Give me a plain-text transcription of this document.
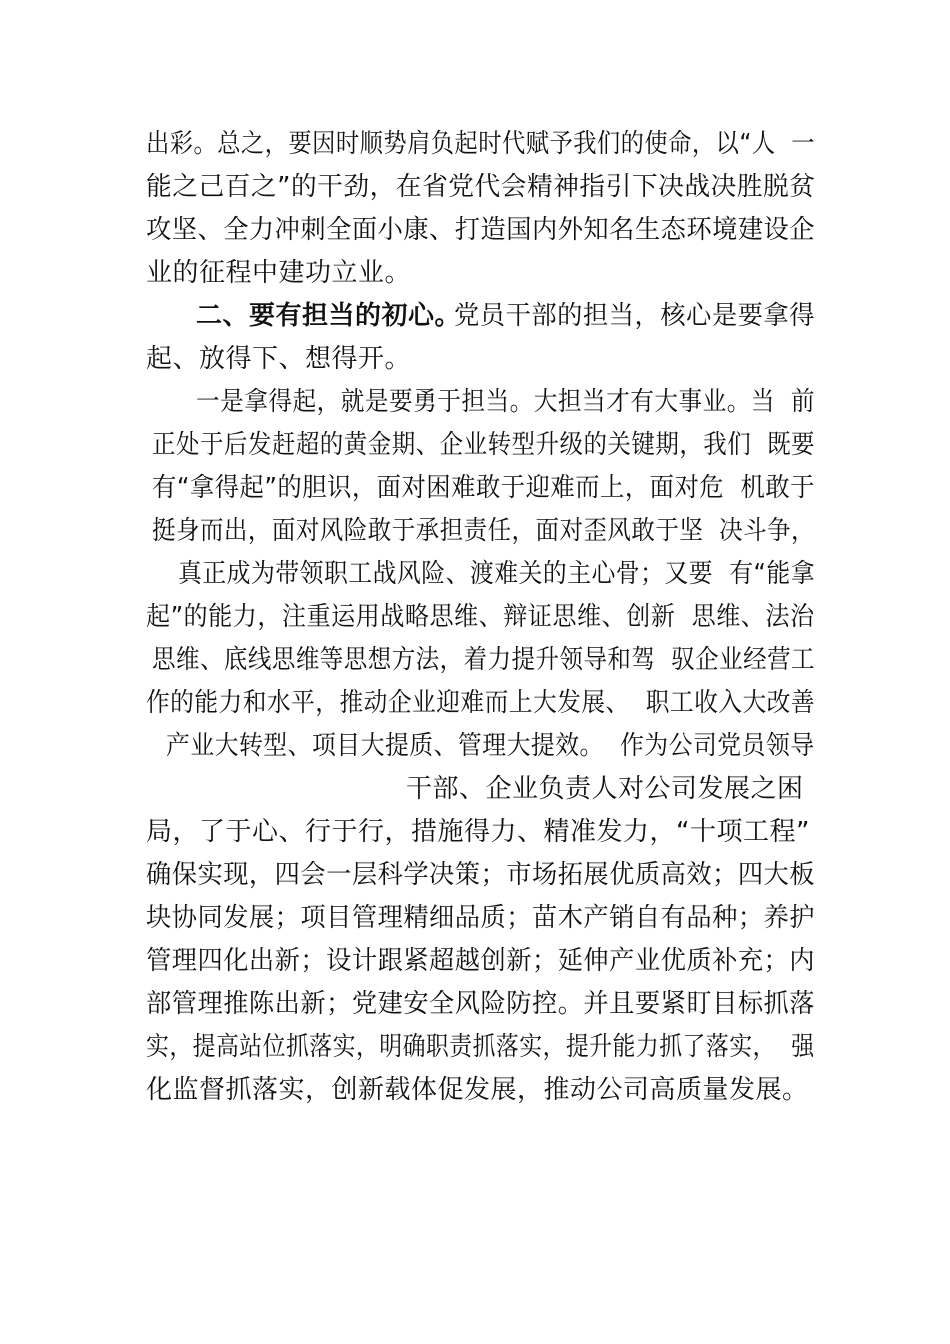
出彩。总之，要因时顺势肩负起时代赋予我们的使命，以“人  一
能之己百之”的干劲，在省党代会精神指引下决战决胜脱贫
攻坚、全力冲刺全面小康、打造国内外知名生态环境建设企
业的征程中建功立业。
二、要有担当的初心。
党员干部的担当，核心是要拿得
起、放得下、想得开。
一是拿得起，就是要勇于担当。大担当才有大事业。当  前
正处于后发赶超的黄金期、企业转型升级的关键期，我们  既要
有“拿得起”的胆识，面对困难敢于迎难而上，面对危  机敢于
挺身而出，面对风险敢于承担责任，面对歪风敢于坚  决斗争，
真正成为带领职工战风险、渡难关的主心骨；又要  有“能拿
起”的能力，注重运用战略思维、辩证思维、创新  思维、法治
思维、底线思维等思想方法，着力提升领导和驾  驭企业经营工
作的能力和水平，推动企业迎难而上大发展、  职工收入大改善
产业大转型、项目大提质、管理大提效。  作为公司党员领导
干部、企业负责人对公司发展之困
局，了于心、行于行，措施得力、精准发力，“十项工程”
确保实现，四会一层科学决策；市场拓展优质高效；四大板
块协同发展；项目管理精细品质；苗木产销自有品种；养护
管理四化出新；设计跟紧超越创新；延伸产业优质补充；内
部管理推陈出新；党建安全风险防控。并且要紧盯目标抓落
实，提高站位抓落实，明确职责抓落实，提升能力抓了落实，  强
化监督抓落实，创新载体促发展，推动公司高质量发展。
